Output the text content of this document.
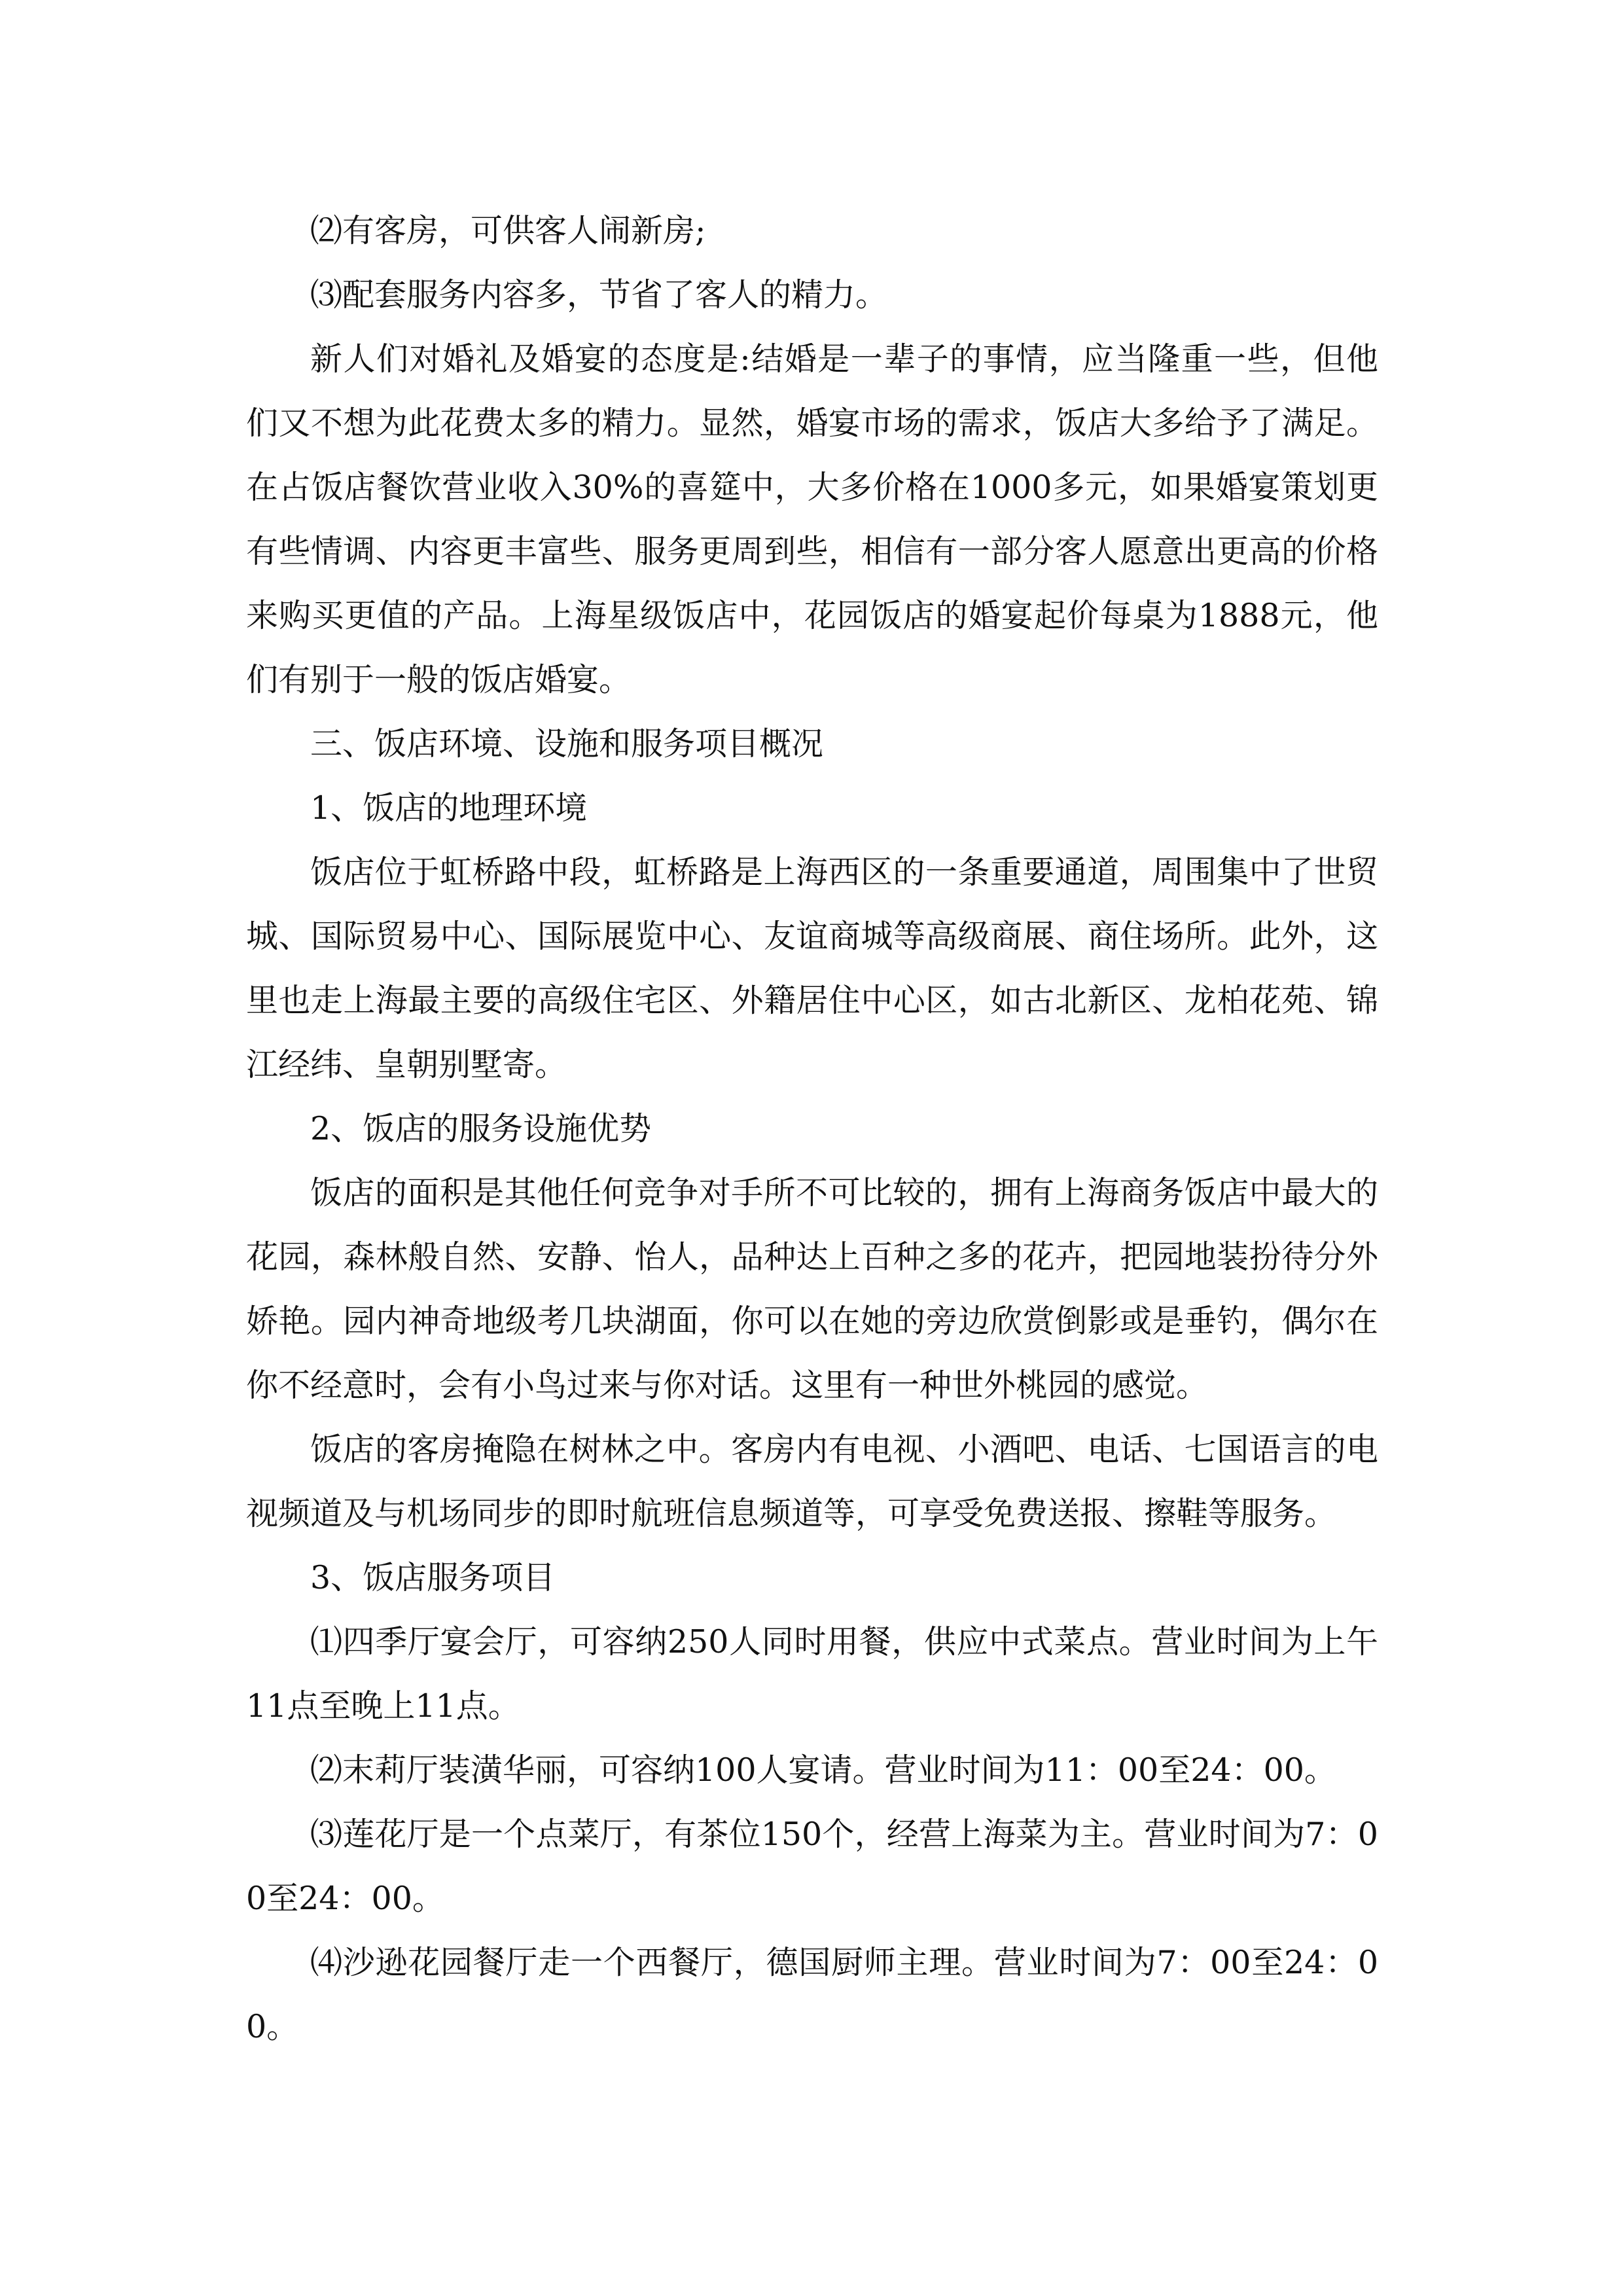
⑵有客房，可供客人闹新房;

⑶配套服务内容多，节省了客人的精力。

新人们对婚礼及婚宴的态度是:结婚是一辈子的事情，应当隆重一些，但他们又不想为此花费太多的精力。显然，婚宴市场的需求，饭店大多给予了满足。在占饭店餐饮营业收入30%的喜筵中，大多价格在1000多元，如果婚宴策划更有些情调、内容更丰富些、服务更周到些，相信有一部分客人愿意出更高的价格来购买更值的产品。上海星级饭店中，花园饭店的婚宴起价每桌为1888元，他们有别于一般的饭店婚宴。

三、饭店环境、设施和服务项目概况

1、饭店的地理环境

饭店位于虹桥路中段，虹桥路是上海西区的一条重要通道，周围集中了世贸城、国际贸易中心、国际展览中心、友谊商城等高级商展、商住场所。此外，这里也走上海最主要的高级住宅区、外籍居住中心区，如古北新区、龙柏花苑、锦江经纬、皇朝别墅寄。

2、饭店的服务设施优势

饭店的面积是其他任何竞争对手所不可比较的，拥有上海商务饭店中最大的花园，森林般自然、安静、怡人，品种达上百种之多的花卉，把园地装扮待分外娇艳。园内神奇地级考几块湖面，你可以在她的旁边欣赏倒影或是垂钓，偶尔在你不经意时，会有小鸟过来与你对话。这里有一种世外桃园的感觉。

饭店的客房掩隐在树林之中。客房内有电视、小酒吧、电话、七国语言的电视频道及与机场同步的即时航班信息频道等，可享受免费送报、擦鞋等服务。

3、饭店服务项目

⑴四季厅宴会厅，可容纳250人同时用餐，供应中式菜点。营业时间为上午11点至晚上11点。

⑵末莉厅装潢华丽，可容纳100人宴请。营业时间为11：00至24：00。

⑶莲花厅是一个点菜厅，有茶位150个，经营上海菜为主。营业时间为7：00至24：00。

⑷沙逊花园餐厅走一个西餐厅，德国厨师主理。营业时间为7：00至24：00。
